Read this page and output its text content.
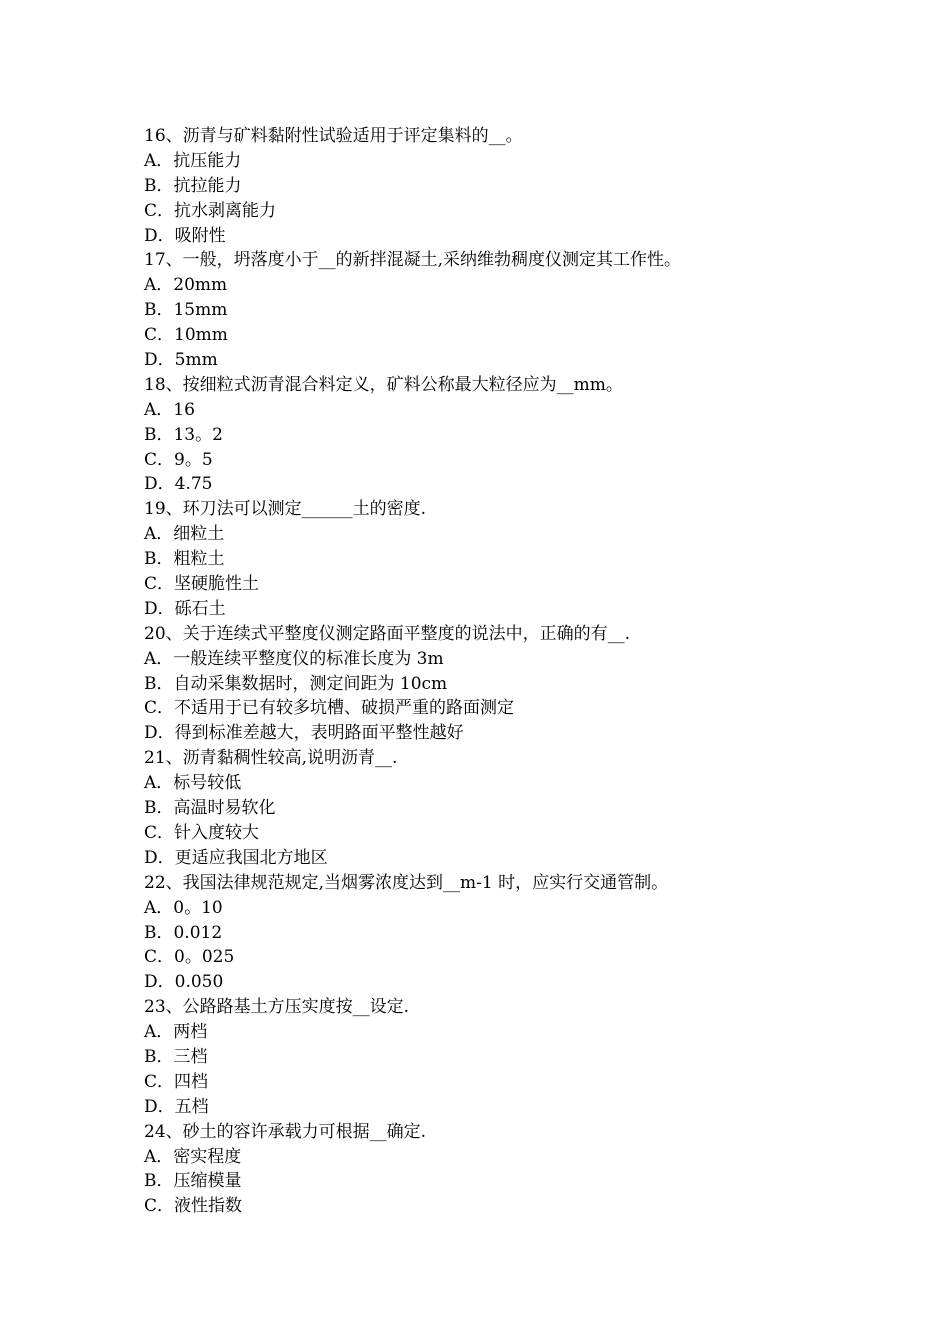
16、沥青与矿料黏附性试验适用于评定集料的__。
A．抗压能力
B．抗拉能力
C．抗水剥离能力
D．吸附性
17、一般，坍落度小于__的新拌混凝土,采纳维勃稠度仪测定其工作性。
A．20mm
B．15mm
C．10mm
D．5mm
18、按细粒式沥青混合料定义，矿料公称最大粒径应为__mm。
A．16
B．13。2
C．9。5
D．4.75
19、环刀法可以测定______土的密度.
A．细粒土
B．粗粒土
C．坚硬脆性土
D．砾石土
20、关于连续式平整度仪测定路面平整度的说法中，正确的有__.
A．一般连续平整度仪的标准长度为 3m
B．自动采集数据时，测定间距为 10cm
C．不适用于已有较多坑槽、破损严重的路面测定
D．得到标准差越大，表明路面平整性越好
21、沥青黏稠性较高,说明沥青__.
A．标号较低
B．高温时易软化
C．针入度较大
D．更适应我国北方地区
22、我国法律规范规定,当烟雾浓度达到__m-1 时，应实行交通管制。
A．0。10
B．0.012
C．0。025
D．0.050
23、公路路基土方压实度按__设定.
A．两档
B．三档
C．四档
D．五档
24、砂土的容许承载力可根据__确定.
A．密实程度
B．压缩模量
C．液性指数
